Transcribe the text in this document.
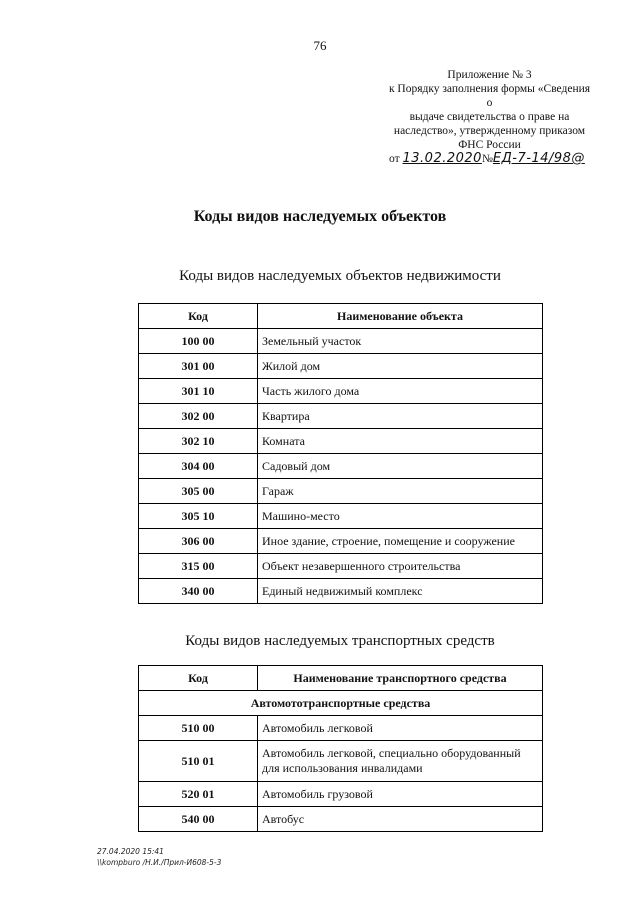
76
Приложение № 3
к Порядку заполнения формы «Сведения о
выдаче свидетельства о праве на
наследство», утвержденному приказом
ФНС России
от 13.02.2020№ЕД-7-14/98@
Коды видов наследуемых объектов
Коды видов наследуемых объектов недвижимости
Код	Наименование объекта
100 00	Земельный участок
301 00	Жилой дом
301 10	Часть жилого дома
302 00	Квартира
302 10	Комната
304 00	Садовый дом
305 00	Гараж
305 10	Машино-место
306 00	Иное здание, строение, помещение и сооружение
315 00	Объект незавершенного строительства
340 00	Единый недвижимый комплекс
Коды видов наследуемых транспортных средств
Код	Наименование транспортного средства
Автомототранспортные средства	
510 00	Автомобиль легковой
510 01	Автомобиль легковой, специально оборудованный для использования инвалидами
520 01	Автомобиль грузовой
540 00	Автобус
27.04.2020 15:41
\\kompburo /Н.И./Прил-И608-5-3
